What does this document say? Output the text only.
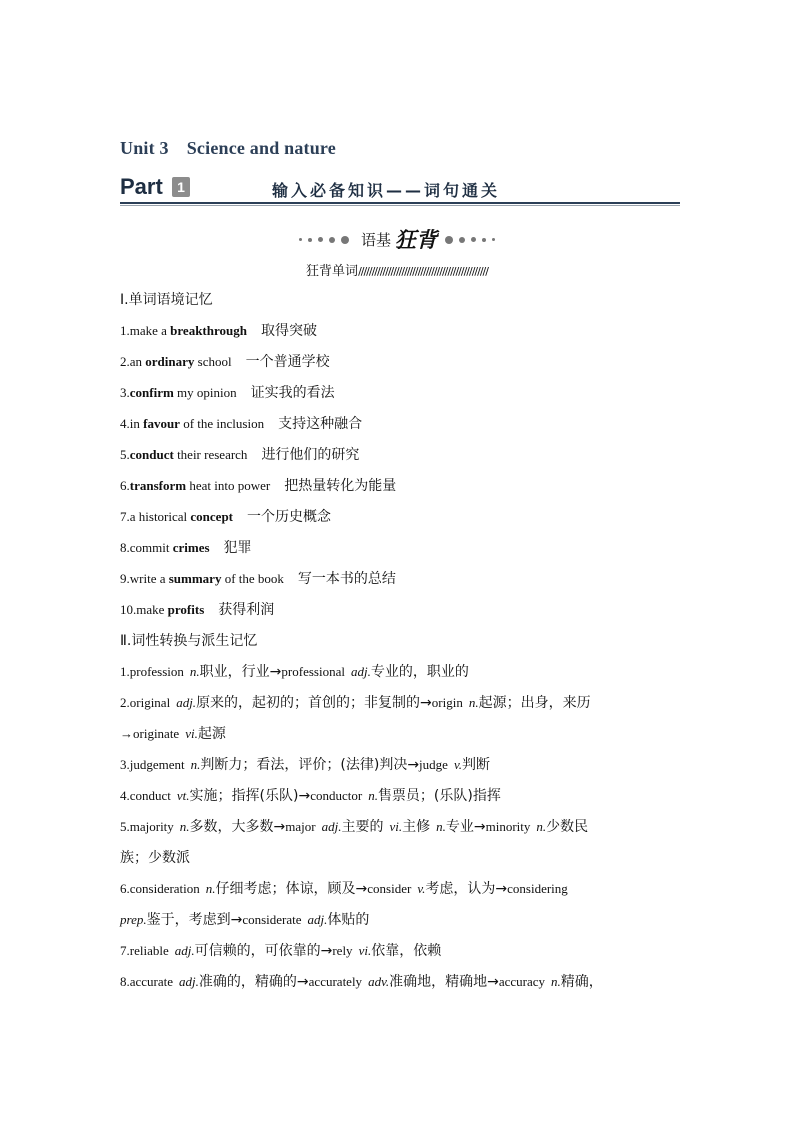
Unit 3 Science and nature
Part	1	输入必备知识——词句通关
语基 狂背
狂背单词////////////////////////////////////////////////
Ⅰ.单词语境记忆
1.make a breakthrough 取得突破
2.an ordinary school 一个普通学校
3.confirm my opinion 证实我的看法
4.in favour of the inclusion 支持这种融合
5.conduct their research 进行他们的研究
6.transform heat into power 把热量转化为能量
7.a historical concept 一个历史概念
8.commit crimes 犯罪
9.write a summary of the book 写一本书的总结
10.make profits 获得利润
Ⅱ.词性转换与派生记忆
1.profession n.职业，行业→professional adj.专业的，职业的
2.original adj.原来的，起初的；首创的；非复制的→origin n.起源；出身，来历
→originate vi.起源
3.judgement n.判断力；看法，评价；(法律)判决→judge v.判断
4.conduct vt.实施；指挥(乐队)→conductor n.售票员；(乐队)指挥
5.majority n.多数，大多数→major adj.主要的 vi.主修 n.专业→minority n.少数民
族；少数派
6.consideration n.仔细考虑；体谅，顾及→consider v.考虑，认为→considering
prep.鉴于，考虑到→considerate adj.体贴的
7.reliable adj.可信赖的，可依靠的→rely vi.依靠，依赖
8.accurate adj.准确的，精确的→accurately adv.准确地，精确地→accuracy n.精确，
